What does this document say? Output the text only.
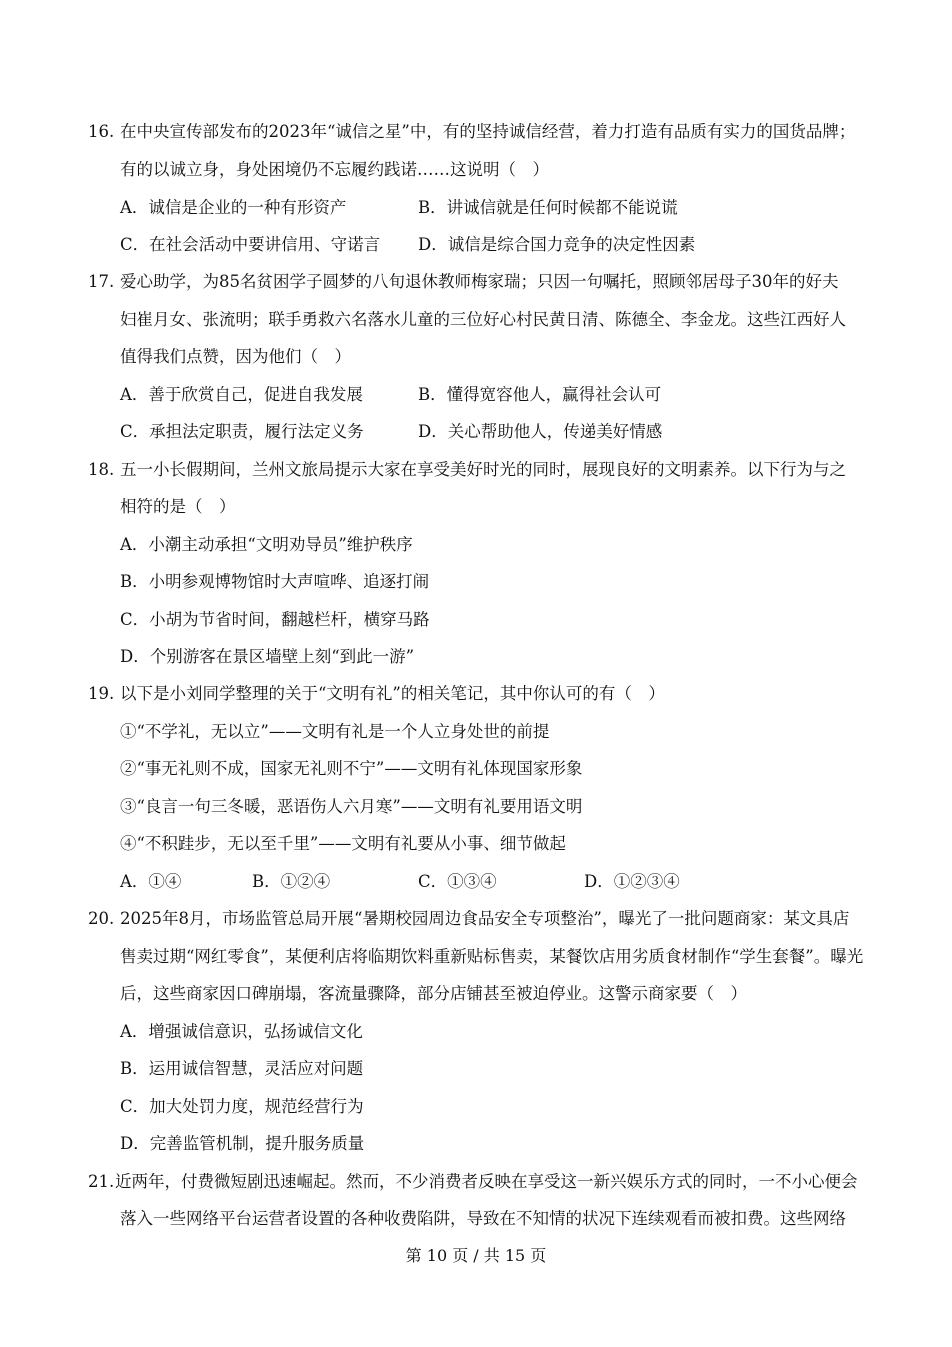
16. 在中央宣传部发布的2023年“诚信之星”中，有的坚持诚信经营，着力打造有品质有实力的国货品牌；
有的以诚立身，身处困境仍不忘履约践诺……这说明（　）
A．诚信是企业的一种有形资产	B．讲诚信就是任何时候都不能说谎
C．在社会活动中要讲信用、守诺言 D．诚信是综合国力竞争的决定性因素
17. 爱心助学，为85名贫困学子圆梦的八旬退休教师梅家瑞；只因一句嘱托，照顾邻居母子30年的好夫
妇崔月女、张流明；联手勇救六名落水儿童的三位好心村民黄日清、陈德全、李金龙。这些江西好人
值得我们点赞，因为他们（　）
A．善于欣赏自己，促进自我发展	B．懂得宽容他人，赢得社会认可
C．承担法定职责，履行法定义务	D．关心帮助他人，传递美好情感
18. 五一小长假期间，兰州文旅局提示大家在享受美好时光的同时，展现良好的文明素养。以下行为与之
相符的是（　）
A．小潮主动承担“文明劝导员”维护秩序
B．小明参观博物馆时大声喧哗、追逐打闹
C．小胡为节省时间，翻越栏杆，横穿马路
D．个别游客在景区墙壁上刻“到此一游”
19. 以下是小刘同学整理的关于“文明有礼”的相关笔记，其中你认可的有（　）
①“不学礼，无以立”——文明有礼是一个人立身处世的前提
②“事无礼则不成，国家无礼则不宁”——文明有礼体现国家形象
③“良言一句三冬暖，恶语伤人六月寒”——文明有礼要用语文明
④“不积跬步，无以至千里”——文明有礼要从小事、细节做起
A．①④	B．①②④	C．①③④	D．①②③④
20. 2025年8月，市场监管总局开展“暑期校园周边食品安全专项整治”，曝光了一批问题商家：某文具店
售卖过期“网红零食”，某便利店将临期饮料重新贴标售卖，某餐饮店用劣质食材制作“学生套餐”。曝光
后，这些商家因口碑崩塌，客流量骤降，部分店铺甚至被迫停业。这警示商家要（　）
A．增强诚信意识，弘扬诚信文化
B．运用诚信智慧，灵活应对问题
C．加大处罚力度，规范经营行为
D．完善监管机制，提升服务质量
21. 近两年，付费微短剧迅速崛起。然而，不少消费者反映在享受这一新兴娱乐方式的同时，一不小心便会
落入一些网络平台运营者设置的各种收费陷阱，导致在不知情的状况下连续观看而被扣费。这些网络
第 10 页 / 共 15 页
